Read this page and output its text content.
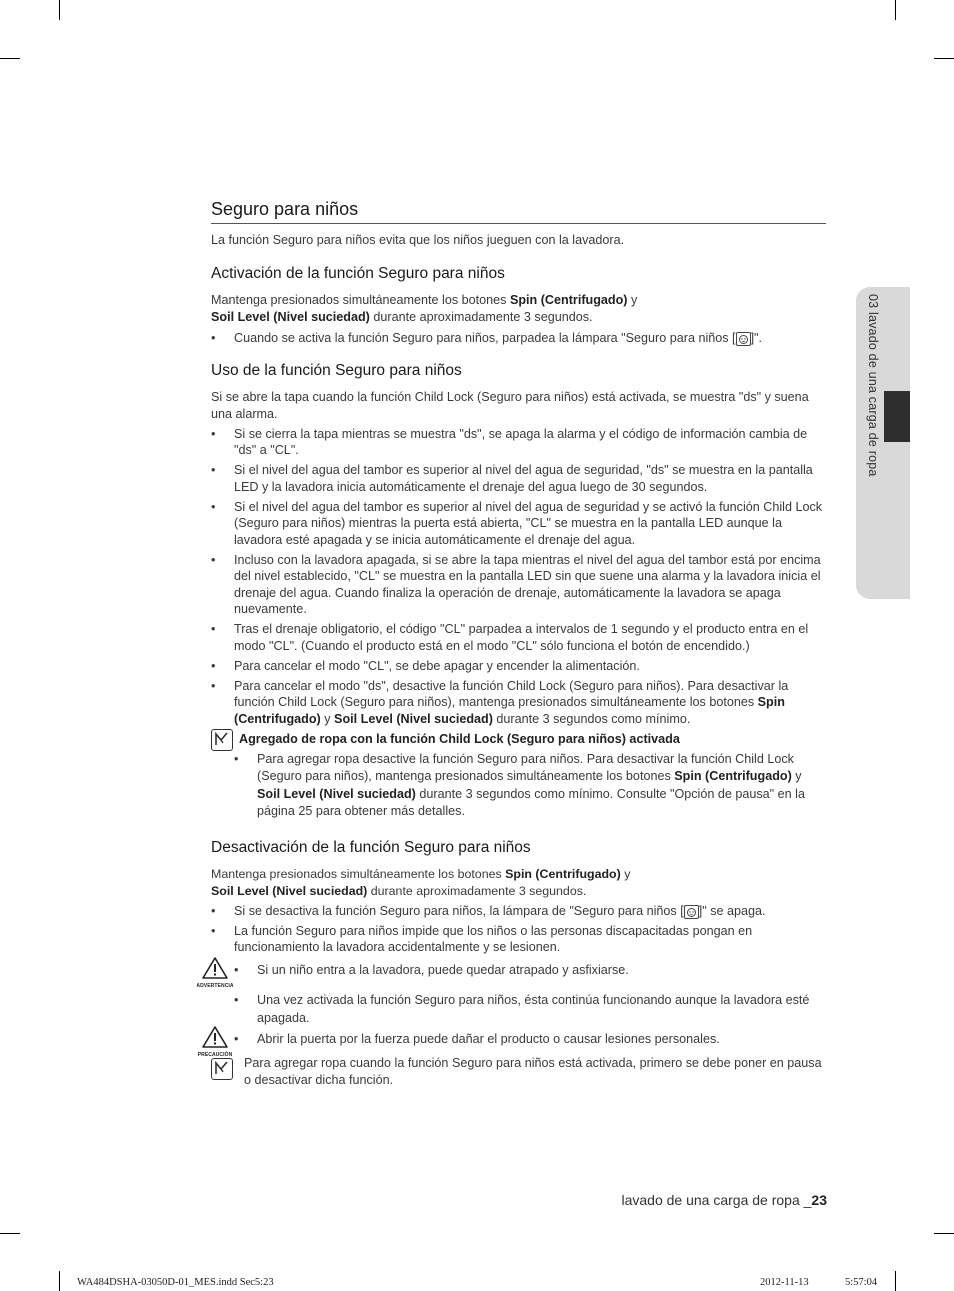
03 lavado de una carga de ropa
Seguro para niños

La función Seguro para niños evita que los niños jueguen con la lavadora.

Activación de la función Seguro para niños

Mantenga presionados simultáneamente los botones Spin (Centrifugado) y
Soil Level (Nivel suciedad) durante aproximadamente 3 segundos.

• Cuando se activa la función Seguro para niños, parpadea la lámpara "Seguro para niños [ ]".
Uso de la función Seguro para niños

Si se abre la tapa cuando la función Child Lock (Seguro para niños) está activada, se muestra "ds" y suena una alarma.

• Si se cierra la tapa mientras se muestra "ds", se apaga la alarma y el código de información cambia de "ds" a "CL".
• Si el nivel del agua del tambor es superior al nivel del agua de seguridad, "ds" se muestra en la pantalla LED y la lavadora inicia automáticamente el drenaje del agua luego de 30 segundos.
• Si el nivel del agua del tambor es superior al nivel del agua de seguridad y se activó la función Child Lock (Seguro para niños) mientras la puerta está abierta, "CL" se muestra en la pantalla LED aunque la lavadora esté apagada y se inicia automáticamente el drenaje del agua.
• Incluso con la lavadora apagada, si se abre la tapa mientras el nivel del agua del tambor está por encima del nivel establecido, "CL" se muestra en la pantalla LED sin que suene una alarma y la lavadora inicia el drenaje del agua. Cuando finaliza la operación de drenaje, automáticamente la lavadora se apaga nuevamente.
• Tras el drenaje obligatorio, el código "CL" parpadea a intervalos de 1 segundo y el producto entra en el modo "CL". (Cuando el producto está en el modo "CL" sólo funciona el botón de encendido.)
• Para cancelar el modo "CL", se debe apagar y encender la alimentación.
• Para cancelar el modo "ds", desactive la función Child Lock (Seguro para niños). Para desactivar la función Child Lock (Seguro para niños), mantenga presionados simultáneamente los botones Spin (Centrifugado) y Soil Level (Nivel suciedad) durante 3 segundos como mínimo.
Agregado de ropa con la función Child Lock (Seguro para niños) activada
• Para agregar ropa desactive la función Seguro para niños. Para desactivar la función Child Lock (Seguro para niños), mantenga presionados simultáneamente los botones Spin (Centrifugado) y Soil Level (Nivel suciedad) durante 3 segundos como mínimo. Consulte "Opción de pausa" en la página 25 para obtener más detalles.
Desactivación de la función Seguro para niños

Mantenga presionados simultáneamente los botones Spin (Centrifugado) y
Soil Level (Nivel suciedad) durante aproximadamente 3 segundos.

• Si se desactiva la función Seguro para niños, la lámpara de "Seguro para niños [ ]" se apaga.
• La función Seguro para niños impide que los niños o las personas discapacitadas pongan en funcionamiento la lavadora accidentalmente y se lesionen.
ADVERTENCIA
• Si un niño entra a la lavadora, puede quedar atrapado y asfixiarse.
• Una vez activada la función Seguro para niños, ésta continúa funcionando aunque la lavadora esté apagada.
PRECAUCIÓN
• Abrir la puerta por la fuerza puede dañar el producto o causar lesiones personales.
Para agregar ropa cuando la función Seguro para niños está activada, primero se debe poner en pausa o desactivar dicha función.
lavado de una carga de ropa _23
WA484DSHA-03050D-01_MES.indd Sec5:23	2012-11-13	5:57:04
